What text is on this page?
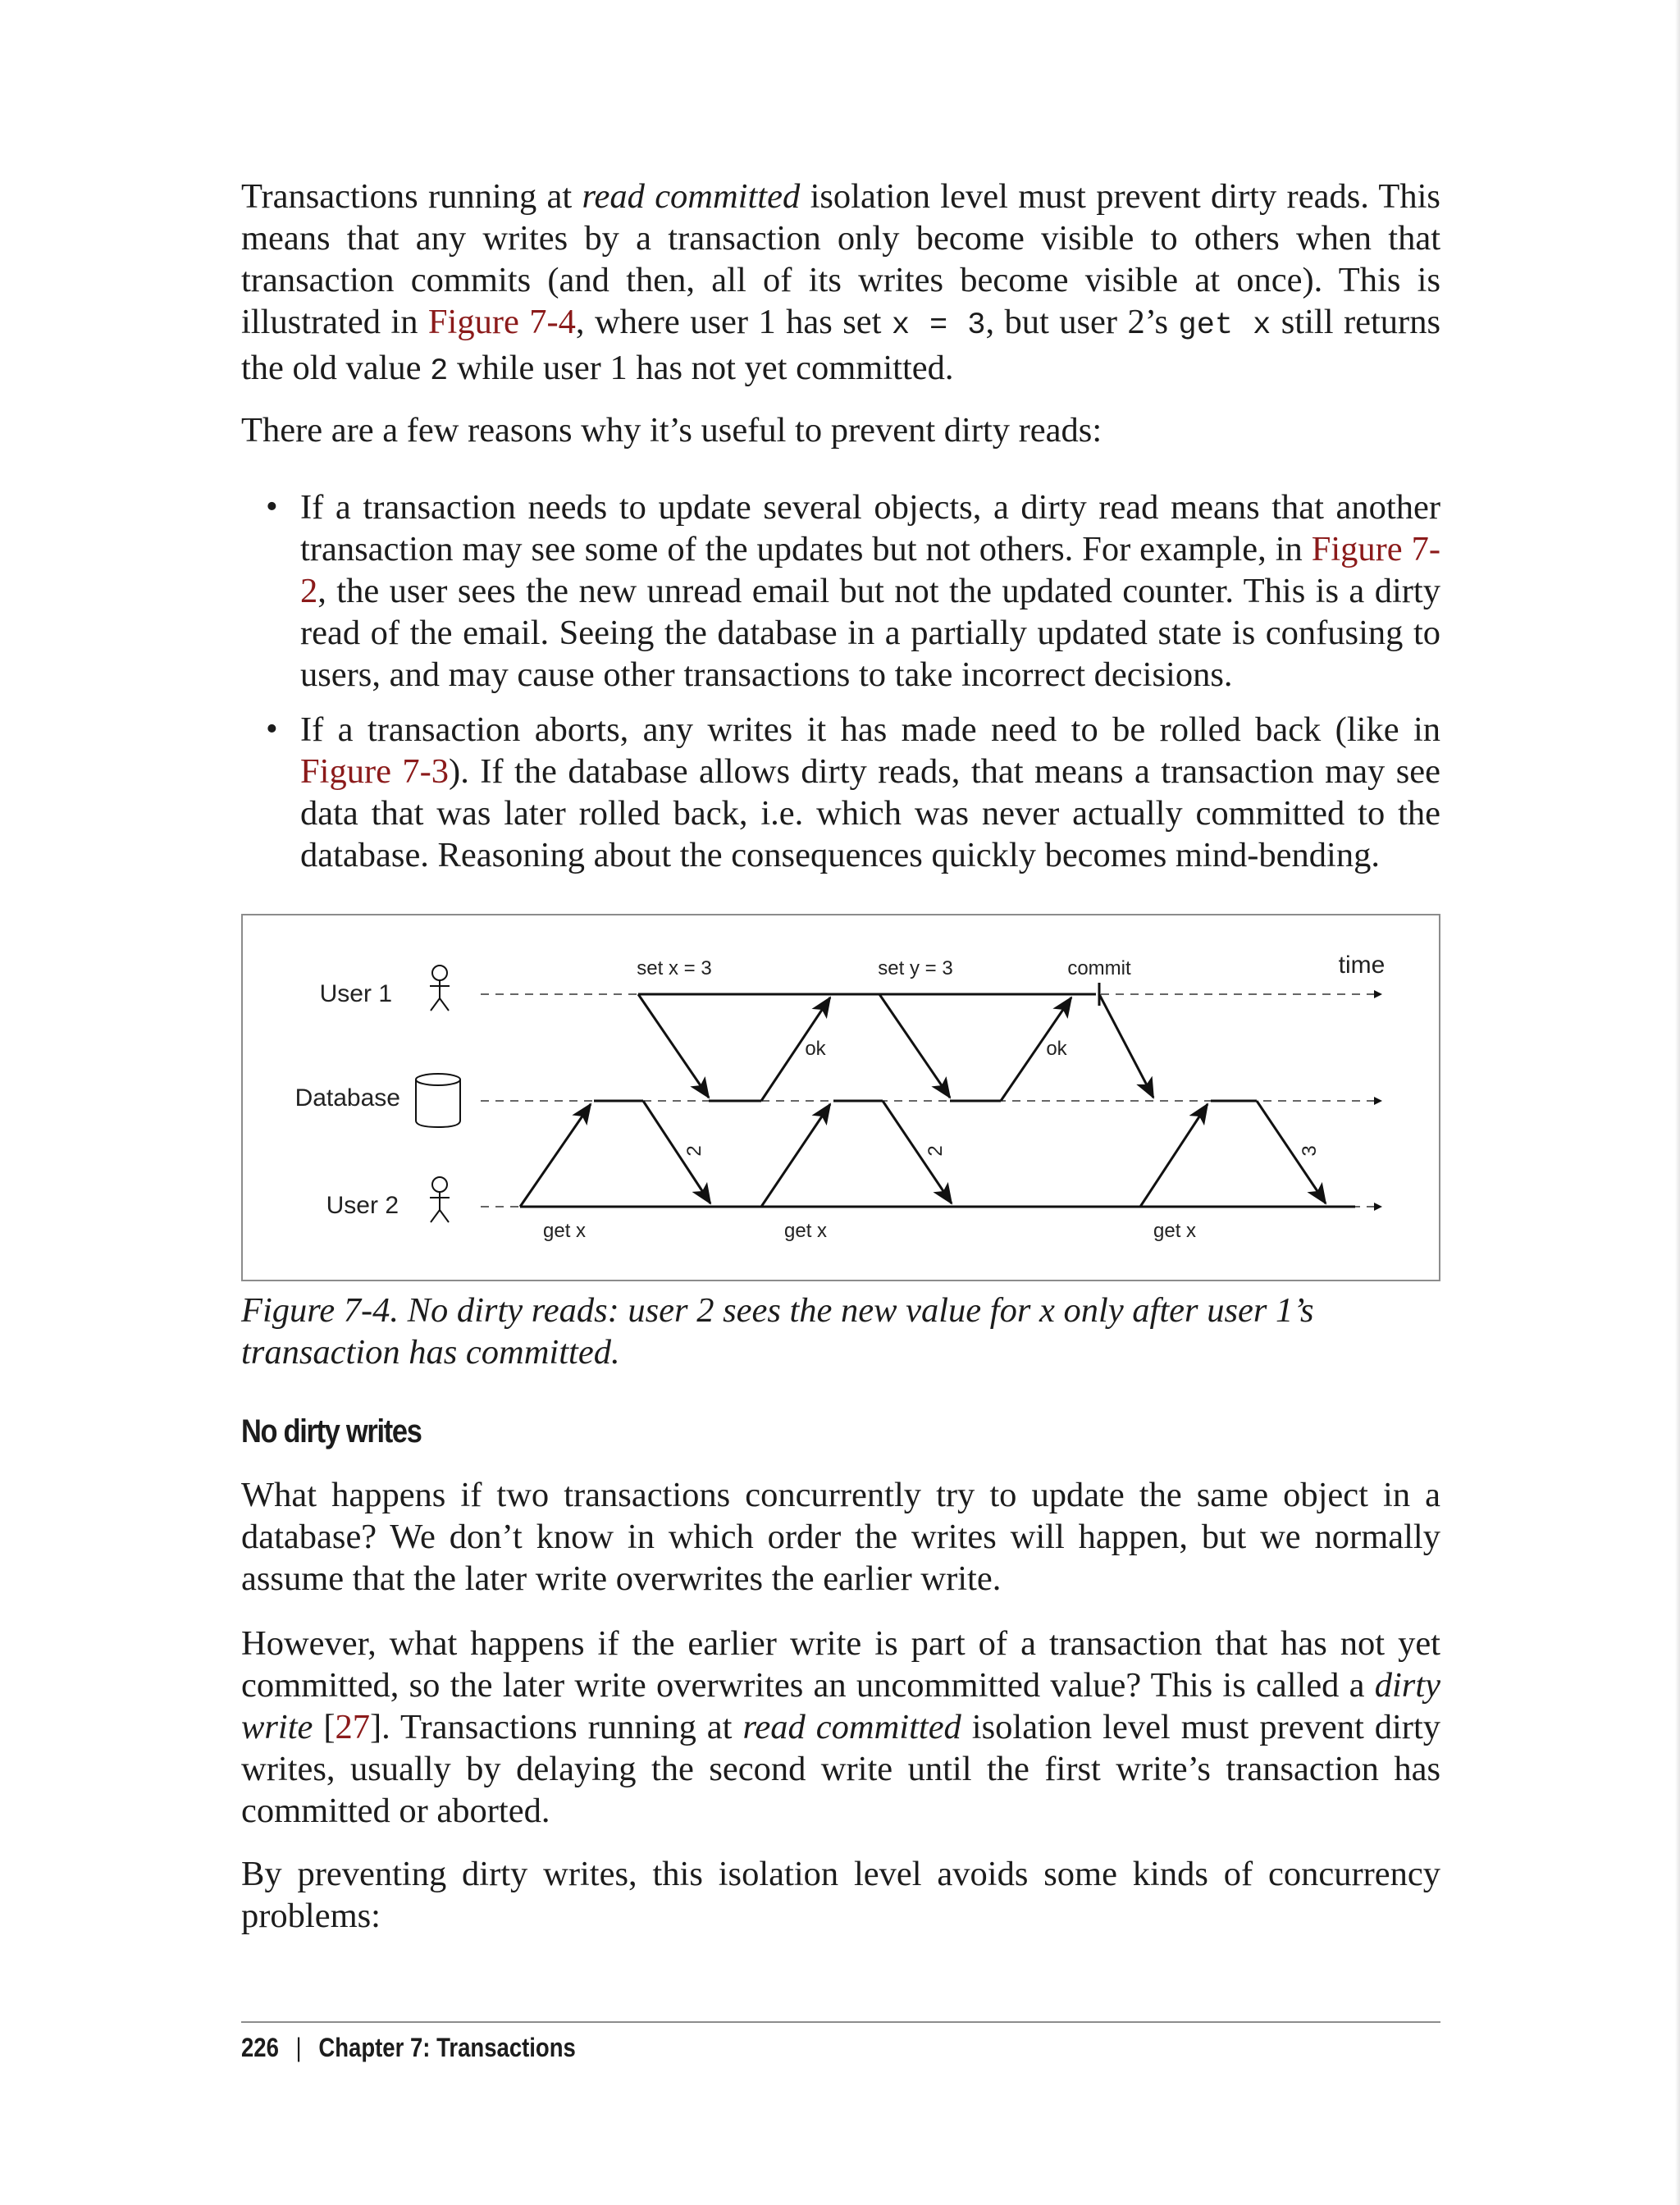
Transactions running at read committed isolation level must prevent dirty reads. This means that any writes by a transaction only become visible to others when that transaction commits (and then, all of its writes become visible at once). This is illustrated in Figure 7-4, where user 1 has set x = 3, but user 2’s get x still returns the old value 2 while user 1 has not yet committed.

There are a few reasons why it’s useful to prevent dirty reads:

• If a transaction needs to update several objects, a dirty read means that another transaction may see some of the updates but not others. For example, in Figure 7-2, the user sees the new unread email but not the updated counter. This is a dirty read of the email. Seeing the database in a partially updated state is confusing to users, and may cause other transactions to take incorrect decisions.

• If a transaction aborts, any writes it has made need to be rolled back (like in Figure 7-3). If the database allows dirty reads, that means a transaction may see data that was later rolled back, i.e. which was never actually committed to the database. Reasoning about the consequences quickly becomes mind-bending.

User 1
Database
User 2
set x = 3	set y = 3	commit	time
ok	ok
2	2	3
get x	get x	get x

Figure 7-4. No dirty reads: user 2 sees the new value for x only after user 1’s transaction has committed.

No dirty writes

What happens if two transactions concurrently try to update the same object in a database? We don’t know in which order the writes will happen, but we normally assume that the later write overwrites the earlier write.

However, what happens if the earlier write is part of a transaction that has not yet committed, so the later write overwrites an uncommitted value? This is called a dirty write [27]. Transactions running at read committed isolation level must prevent dirty writes, usually by delaying the second write until the first write’s transaction has committed or aborted.

By preventing dirty writes, this isolation level avoids some kinds of concurrency problems:

226 | Chapter 7: Transactions
